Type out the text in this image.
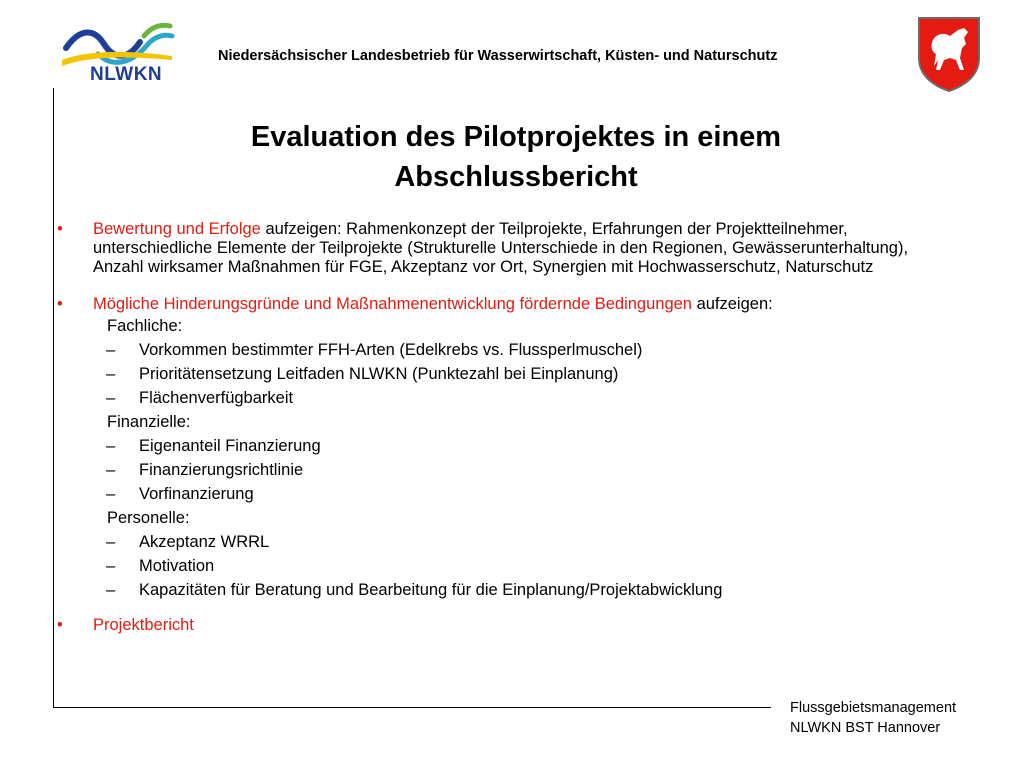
NLWKN
Niedersächsischer Landesbetrieb für Wasserwirtschaft, Küsten- und Naturschutz
Evaluation des Pilotprojektes in einem
Abschlussbericht
• Bewertung und Erfolge aufzeigen: Rahmenkonzept der Teilprojekte, Erfahrungen der Projektteilnehmer, unterschiedliche Elemente der Teilprojekte (Strukturelle Unterschiede in den Regionen, Gewässerunterhaltung), Anzahl wirksamer Maßnahmen für FGE, Akzeptanz vor Ort, Synergien mit Hochwasserschutz, Naturschutz
• Mögliche Hinderungsgründe und Maßnahmenentwicklung fördernde Bedingungen aufzeigen:
Fachliche:
– Vorkommen bestimmter FFH-Arten (Edelkrebs vs. Flussperlmuschel)
– Prioritätensetzung Leitfaden NLWKN (Punktezahl bei Einplanung)
– Flächenverfügbarkeit
Finanzielle:
– Eigenanteil Finanzierung
– Finanzierungsrichtlinie
– Vorfinanzierung
Personelle:
– Akzeptanz WRRL
– Motivation
– Kapazitäten für Beratung und Bearbeitung für die Einplanung/Projektabwicklung
• Projektbericht
Flussgebietsmanagement
NLWKN BST Hannover
